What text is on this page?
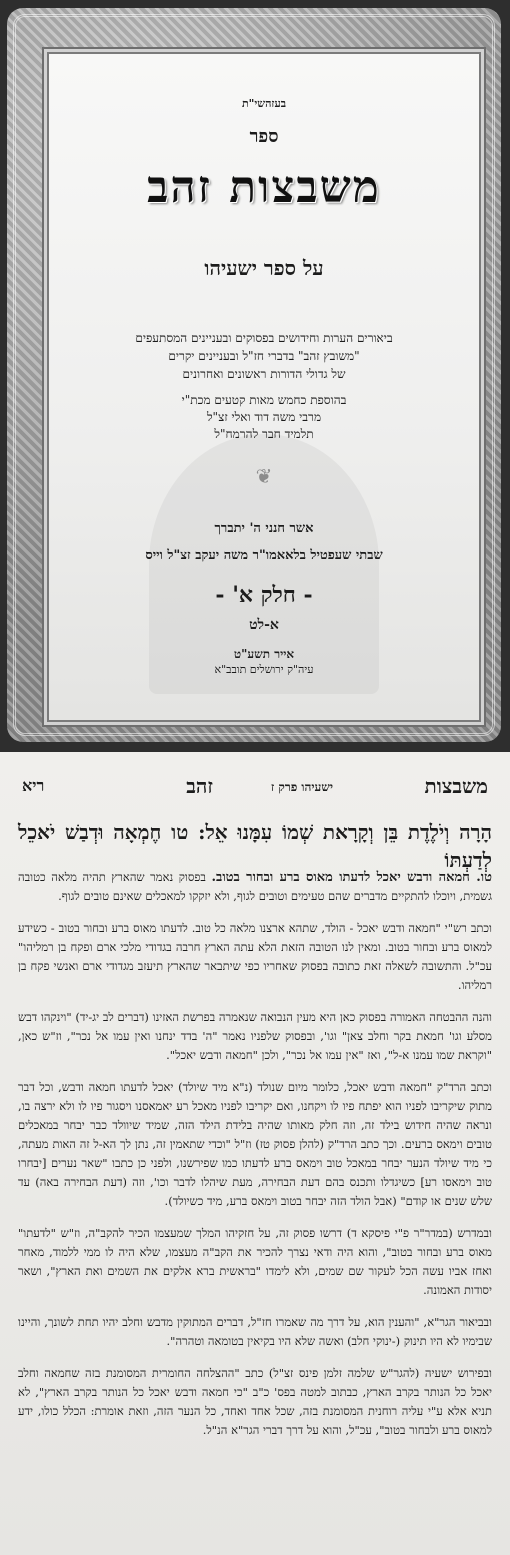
בעזהשי"ת

ספר

משבצות זהב

על ספר ישעיהו

ביאורים הערות וחידושים בפסוקים ובעניינים המסתעפים
"משובץ זהב" בדברי חז"ל ובעניינים יקרים
של גדולי הדורות ראשונים ואחרונים
בהוספת כחמש מאות קטעים מכת"י
מרבי משה דוד ואלי זצ"ל
תלמיד חבר להרמח"ל

❦

אשר חנני ה' יתברך

שבתי שעפטיל בלאאמו"ר משה יעקב זצ"ל וייס

- חלק א' -

א-לט

אייר תשע"ט

עיה"ק ירושלים תובב"א

משבצות
ישעיהו פרק ז
זהב
ריא
הָרָה וְיֹלֶדֶת בֵּן וְקָרָאת שְׁמוֹ עִמָּנוּ אֵל: טו חֶמְאָה וּדְבַשׁ יֹאכֵל לְדַעְתּוֹ

טו. חמאה ודבש יאכל לדעתו מאוס ברע ובחור בטוב. בפסוק נאמר שהארץ תהיה מלאה כטובה גשמית, ויוכלו להתקיים מדברים שהם טעימים וטובים לגוף, ולא יזקקו למאכלים שאינם טובים לגוף.

וכתב רש"י "חמאה ודבש יאכל - הולד, שתהא ארצנו מלאה כל טוב. לדעתו מאוס ברע ובחור בטוב - כשידע למאוס ברע ובחור בטוב. ומאין לנו הטובה הזאת הלא עתה הארץ חרבה בגדודי מלכי ארם ופקח בן רמליהו" עכ"ל. והתשובה לשאלה זאת כתובה בפסוק שאחריו כפי שיתבאר שהארץ תיעזב מגדודי ארם ואנשי פקח בן רמליהו.

והנה ההבטחה האמורה בפסוק כאן היא מעין הנבואה שנאמרה בפרשת האזינו (דברים לב יג-יד) "וינקהו דבש מסלע וגו' חמאת בקר וחלב צאן" וגו', ובפסוק שלפניו נאמר "ה' בדד ינחנו ואין עמו אל נכר", וז"ש כאן, "וקראת שמו עמנו א-ל", ואז "אין עמו אל נכר", ולכן "חמאה ודבש יאכל".

וכתב הרד"ק "חמאה ודבש יאכל, כלומר מיום שנולד (נ"א מיד שיולד) יאכל לדעתו חמאה ודבש, וכל דבר מתוק שיקריבו לפניו הוא יפתח פיו לו ויקחנו, ואם יקריבו לפניו מאכל רע יאמאסנו ויסגור פיו לו ולא ירצה בו, ונראה שהיה חידוש בילד זה, וזה חלק מאותו שהיה בלידת הילד הזה, שמיד שיוולד כבר יבחר במאכלים טובים וימאס ברעים. וכך כתב הרד"ק (להלן פסוק טז) וז"ל "וכדי שתאמין זה, נתן לך הא-ל זה האות מעתה, כי מיד שיולד הנער יבחר במאכל טוב וימאס ברע לדעתו כמו שפירשנו, ולפני כן כתבו "שאר נערים [יבחרו טוב וימאסו רע] כשיגדלו ותכנס בהם דעת הבחירה, מעת שיהלו לדבר וכו', וזה (דעת הבחירה באה) עד שלש שנים או קודם" (אבל הולד הזה יבחר בטוב וימאס ברע, מיד כשיולד).

ובמדרש (במדר"ר פ"י פיסקא ד) דרשו פסוק זה, על חזקיהו המלך שמעצמו הכיר להקב"ה, וז"ש "לדעתו" מאוס ברע ובחור בטוב", והוא היה ודאי נצרך להכיר את הקב"ה מעצמו, שלא היה לו ממי ללמוד, מאחר ואחז אביו עשה הכל לעקור שם שמים, ולא לימדו "בראשית ברא אלקים את השמים ואת הארץ", ושאר יסודות האמונה.

ובביאור הגר"א, "והענין הוא, על דרך מה שאמרו חז"ל, דברים המתוקין מדבש וחלב יהיו תחת לשונך, והיינו שבימיו לא היו תינוק (-ינוקי חלב) ואשה שלא היו בקיאין בטומאה וטהרה".

ובפירוש ישעיה (להגר"ש שלמה זלמן פינס זצ"ל) כתב "ההצלחה החומרית המסומנת בזה שחמאה וחלב יאכל כל הנותר בקרב הארץ, כבתוב למטה בפס' כ"ב "כי חמאה ודבש יאכל כל הנותר בקרב הארץ", לא תניא אלא ע"י עליה רוחנית המסומנת בזה, שכל אחד ואחד, כל הנער הזה, וזאת אומרת: הכלל כולו, ידע למאוס ברע ולבחור בטוב", עכ"ל, והוא על דרך דברי הגר"א הנ"ל.
